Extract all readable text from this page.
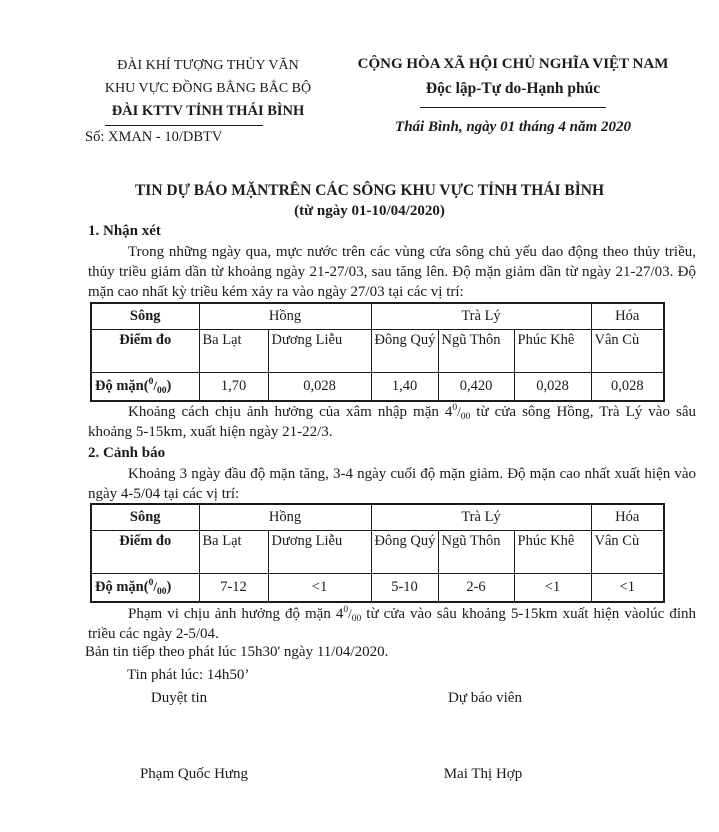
ĐÀI KHÍ TƯỢNG THỦY VĂN
KHU VỰC ĐỒNG BẰNG BẮC BỘ
ĐÀI KTTV TỈNH THÁI BÌNH
Số: XMAN - 10/DBTV
CỘNG HÒA XÃ HỘI CHỦ NGHĨA VIỆT NAM
Độc lập-Tự do-Hạnh phúc
Thái Bình, ngày 01 tháng 4 năm 2020
TIN DỰ BÁO MẶNTRÊN CÁC SÔNG KHU VỰC TỈNH THÁI BÌNH
(từ ngày 01-10/04/2020)
1. Nhận xét

Trong những ngày qua, mực nước trên các vùng cửa sông chủ yếu dao động theo thủy triều, thủy triều giảm dần từ khoảng ngày 21-27/03, sau tăng lên. Độ mặn giảm dần từ ngày 21-27/03. Độ mặn cao nhất kỳ triều kém xảy ra vào ngày 27/03 tại các vị trí:

Sông	Hồng		Trà Lý			Hóa
Điểm đo	Ba Lạt	Dương Liễu	Đông Quý	Ngũ Thôn	Phúc Khê	Vân Cù
Độ $mặn(^0/_{00})$	1,70	0,028	1,40	0,420	0,028	0,028

Khoảng cách chịu ảnh hưởng của xâm nhập mặn $4^0/_{00}$ từ cửa sông Hồng, Trà Lý vào sâu khoảng 5-15km, xuất hiện ngày 21-22/3.

2. Cảnh báo

Khoảng 3 ngày đầu độ mặn tăng, 3-4 ngày cuối độ mặn giảm. Độ mặn cao nhất xuất hiện vào ngày 4-5/04 tại các vị trí:

Sông	Hồng		Trà Lý			Hóa
Điểm đo	Ba Lạt	Dương Liễu	Đông Quý	Ngũ Thôn	Phúc Khê	Vân Cù
Độ $mặn(^0/_{00})$	7-12	<1	5-10	2-6	<1	<1

Phạm vi chịu ảnh hưởng độ mặn $4^0/_{00}$ từ cửa vào sâu khoảng 5-15km xuất hiện vàolúc đỉnh triều các ngày 2-5/04.

Bản tin tiếp theo phát lúc 15h30' ngày 11/04/2020.
Tin phát lúc: 14h50’
Duyệt tin	Dự báo viên
Phạm Quốc Hưng	Mai Thị Hợp
